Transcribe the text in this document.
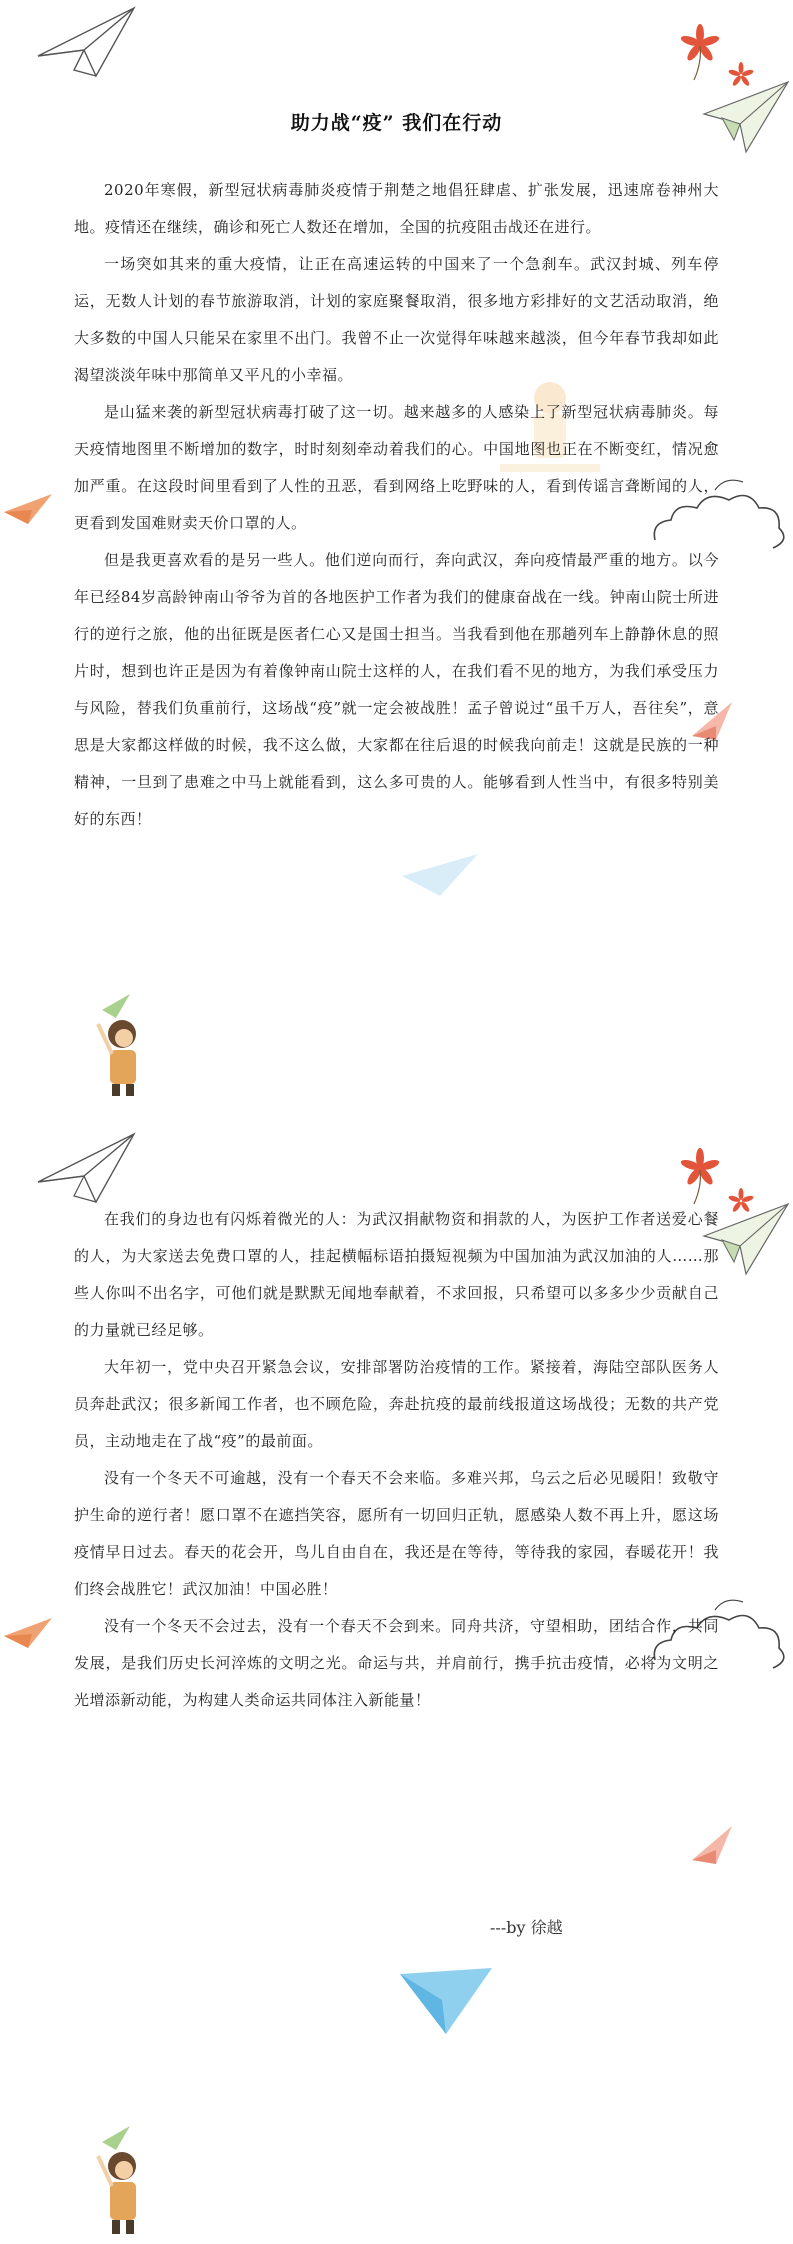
助力战“疫” 我们在行动

2020年寒假，新型冠状病毒肺炎疫情于荆楚之地倡狂肆虐、扩张发展，迅速席卷神州大地。疫情还在继续，确诊和死亡人数还在增加，全国的抗疫阻击战还在进行。

一场突如其来的重大疫情，让正在高速运转的中国来了一个急刹车。武汉封城、列车停运，无数人计划的春节旅游取消，计划的家庭聚餐取消，很多地方彩排好的文艺活动取消，绝大多数的中国人只能呆在家里不出门。我曾不止一次觉得年味越来越淡，但今年春节我却如此渴望淡淡年味中那简单又平凡的小幸福。

是山猛来袭的新型冠状病毒打破了这一切。越来越多的人感染上了新型冠状病毒肺炎。每天疫情地图里不断增加的数字，时时刻刻牵动着我们的心。中国地图也正在不断变红，情况愈加严重。在这段时间里看到了人性的丑恶，看到网络上吃野味的人，看到传谣言聋断闻的人，更看到发国难财卖天价口罩的人。

但是我更喜欢看的是另一些人。他们逆向而行，奔向武汉，奔向疫情最严重的地方。以今年已经84岁高龄钟南山爷爷为首的各地医护工作者为我们的健康奋战在一线。钟南山院士所进行的逆行之旅，他的出征既是医者仁心又是国士担当。当我看到他在那趟列车上静静休息的照片时，想到也许正是因为有着像钟南山院士这样的人，在我们看不见的地方，为我们承受压力与风险，替我们负重前行，这场战“疫”就一定会被战胜！孟子曾说过“虽千万人，吾往矣”，意思是大家都这样做的时候，我不这么做，大家都在往后退的时候我向前走！这就是民族的一种精神，一旦到了患难之中马上就能看到，这么多可贵的人。能够看到人性当中，有很多特别美好的东西！

在我们的身边也有闪烁着微光的人：为武汉捐献物资和捐款的人，为医护工作者送爱心餐的人，为大家送去免费口罩的人，挂起横幅标语拍摄短视频为中国加油为武汉加油的人……那些人你叫不出名字，可他们就是默默无闻地奉献着，不求回报，只希望可以多多少少贡献自己的力量就已经足够。

大年初一，党中央召开紧急会议，安排部署防治疫情的工作。紧接着，海陆空部队医务人员奔赴武汉；很多新闻工作者，也不顾危险，奔赴抗疫的最前线报道这场战役；无数的共产党员，主动地走在了战“疫”的最前面。

没有一个冬天不可逾越，没有一个春天不会来临。多难兴邦，乌云之后必见暖阳！致敬守护生命的逆行者！愿口罩不在遮挡笑容，愿所有一切回归正轨，愿感染人数不再上升，愿这场疫情早日过去。春天的花会开，鸟儿自由自在，我还是在等待，等待我的家园，春暖花开！我们终会战胜它！武汉加油！中国必胜！

没有一个冬天不会过去，没有一个春天不会到来。同舟共济，守望相助，团结合作，共同发展，是我们历史长河淬炼的文明之光。命运与共，并肩前行，携手抗击疫情，必将为文明之光增添新动能，为构建人类命运共同体注入新能量！

---by 徐越
